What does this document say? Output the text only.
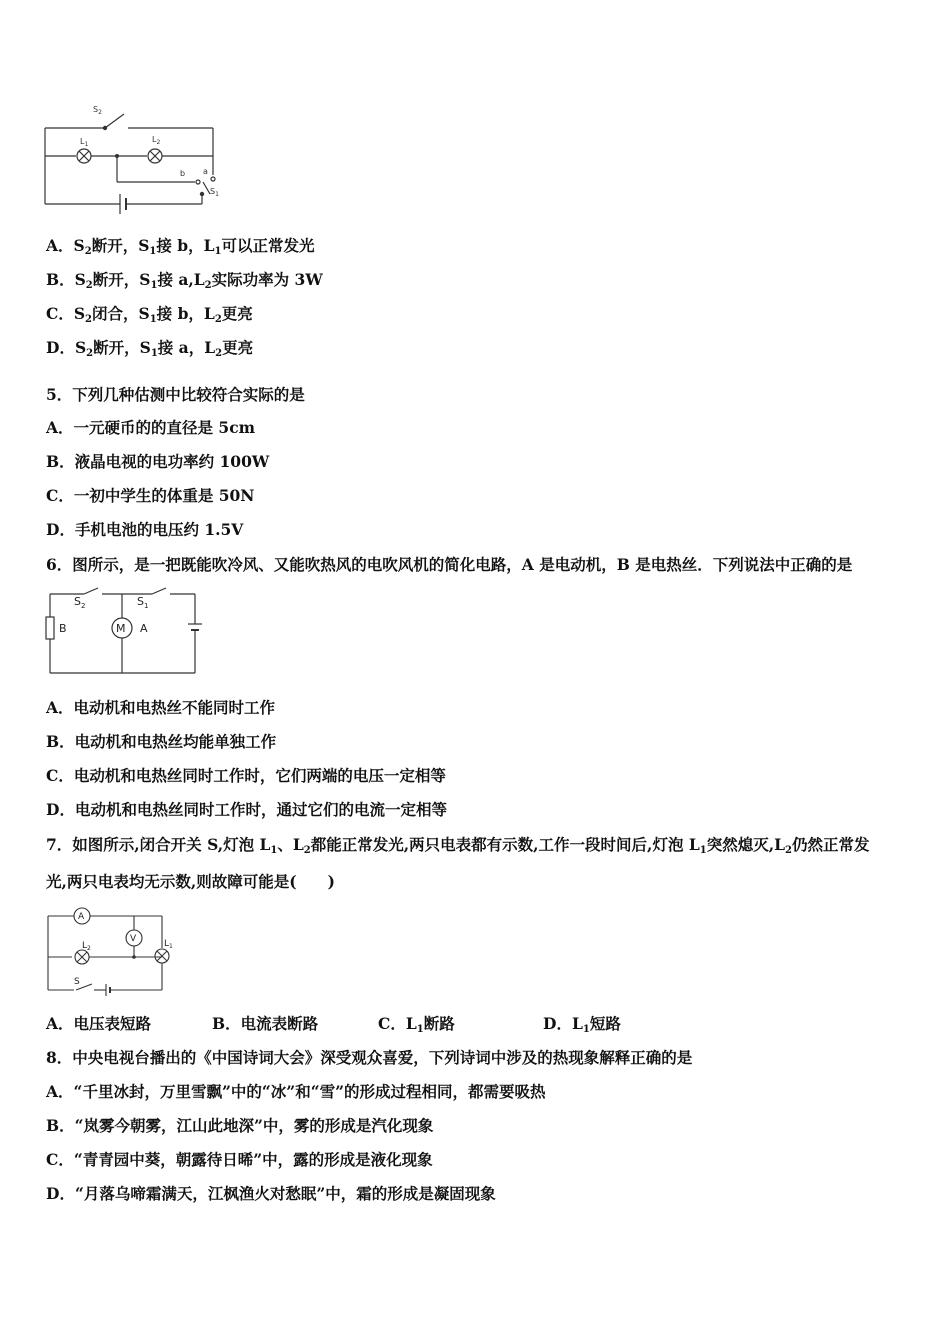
$S_2$
$L_1$
$L_2$
b a
$S_1$
A．$S_2$断开，$S_1$接 b，$L_1$可以正常发光
B．$S_2$断开，$S_1$接 $a,L_2$实际功率为 3W
C．$S_2$闭合，$S_1$接 b，$L_2$更亮
D．$S_2$断开，$S_1$接 a，$L_2$更亮
5．下列几种估测中比较符合实际的是
A．一元硬币的的直径是 5cm
B．液晶电视的电功率约 100W
C．一初中学生的体重是 50N
D．手机电池的电压约 1.5V
6．图所示，是一把既能吹冷风、又能吹热风的电吹风机的简化电路，A 是电动机，B 是电热丝．下列说法中正确的是
$S_2$	$S_1$
B	M A
A．电动机和电热丝不能同时工作
B．电动机和电热丝均能单独工作
C．电动机和电热丝同时工作时，它们两端的电压一定相等
D．电动机和电热丝同时工作时，通过它们的电流一定相等
7．如图所示,闭合开关 S,灯泡 $L_1$、$L_2$都能正常发光,两只电表都有示数,工作一段时间后,灯泡 $L_1$突然熄灭$,L_2$仍然正常发
光,两只电表均无示数,则故障可能是(　　)
A
V
$L_2$	$L_1$
S
A．电压表短路	B．电流表断路	C．$L_1$断路	D．$L_1$短路
8．中央电视台播出的《中国诗词大会》深受观众喜爱，下列诗词中涉及的热现象解释正确的是
A．“千里冰封，万里雪飘”中的“冰”和“雪”的形成过程相同，都需要吸热
B．“岚雾今朝雾，江山此地深”中，雾的形成是汽化现象
C．“青青园中葵，朝露待日晞”中，露的形成是液化现象
D．“月落乌啼霜满天，江枫渔火对愁眠”中，霜的形成是凝固现象
